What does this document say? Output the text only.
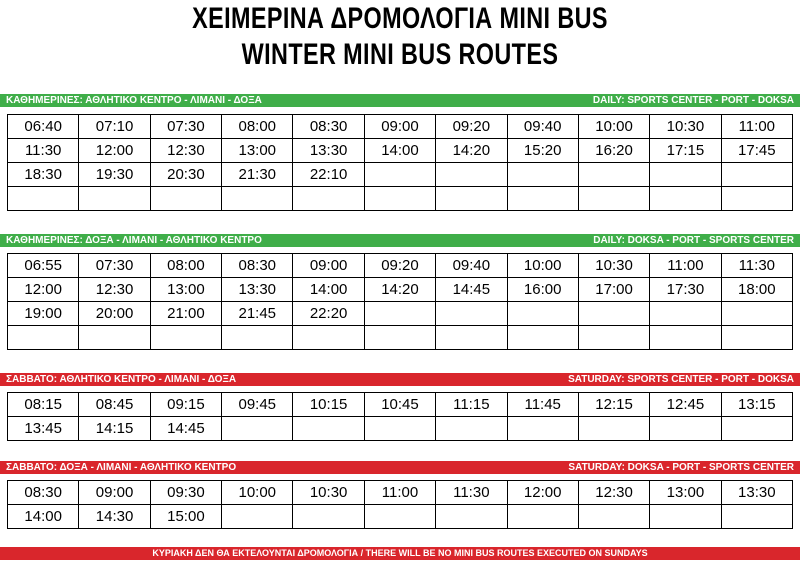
ΧΕΙΜΕΡΙΝΑ ΔΡΟΜΟΛΟΓΙΑ MINI BUS
WINTER MINI BUS ROUTES
ΚΑΘΗΜΕΡΙΝΕΣ: ΑΘΛΗΤΙΚΟ ΚΕΝΤΡΟ - ΛΙΜΑΝΙ - ΔΟΞΑ	DAILY: SPORTS CENTER - PORT - DOKSA
06:40	07:10	07:30	08:00	08:30	09:00	09:20	09:40	10:00	10:30	11:00
11:30	12:00	12:30	13:00	13:30	14:00	14:20	15:20	16:20	17:15	17:45
18:30	19:30	20:30	21:30	22:10						

ΚΑΘΗΜΕΡΙΝΕΣ: ΔΟΞΑ - ΛΙΜΑΝΙ - ΑΘΛΗΤΙΚΟ ΚΕΝΤΡΟ	DAILY: DOKSA - PORT - SPORTS CENTER
06:55	07:30	08:00	08:30	09:00	09:20	09:40	10:00	10:30	11:00	11:30
12:00	12:30	13:00	13:30	14:00	14:20	14:45	16:00	17:00	17:30	18:00
19:00	20:00	21:00	21:45	22:20						

ΣΑΒΒΑΤΟ: ΑΘΛΗΤΙΚΟ ΚΕΝΤΡΟ - ΛΙΜΑΝΙ - ΔΟΞΑ	SATURDAY: SPORTS CENTER - PORT - DOKSA
08:15	08:45	09:15	09:45	10:15	10:45	11:15	11:45	12:15	12:45	13:15
13:45	14:15	14:45								
ΣΑΒΒΑΤΟ: ΔΟΞΑ - ΛΙΜΑΝΙ - ΑΘΛΗΤΙΚΟ ΚΕΝΤΡΟ	SATURDAY: DOKSA - PORT - SPORTS CENTER
08:30	09:00	09:30	10:00	10:30	11:00	11:30	12:00	12:30	13:00	13:30
14:00	14:30	15:00								
ΚΥΡΙΑΚΗ ΔΕΝ ΘΑ ΕΚΤΕΛΟΥΝΤΑΙ ΔΡΟΜΟΛΟΓΙΑ / THERE WILL BE NO MINI BUS ROUTES EXECUTED ON SUNDAYS
